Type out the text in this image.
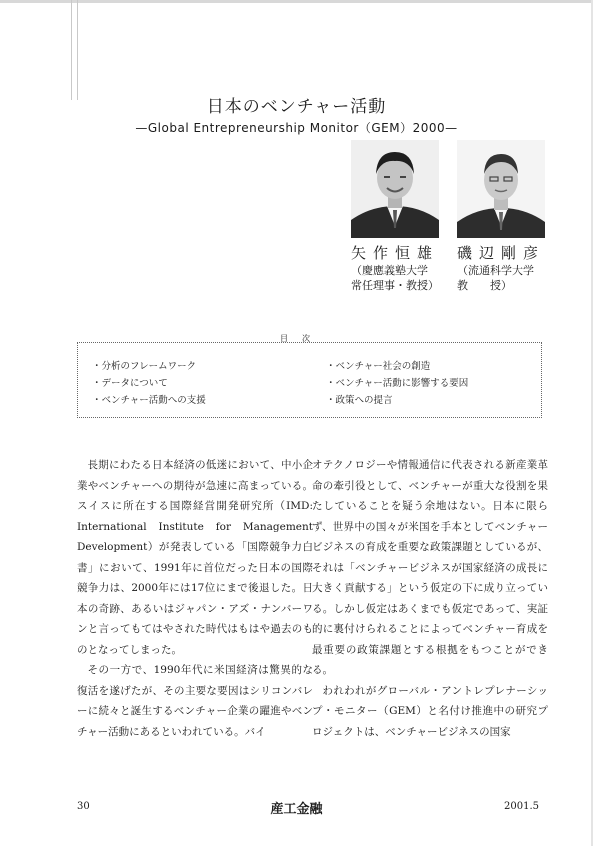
日本のベンチャー活動
—Global Entrepreneurship Monitor（GEM）2000—
矢作恒雄
（慶應義塾大学
常任理事・教授）
磯辺剛彦
（流通科学大学
教　　授）
目　次
・分析のフレームワーク
・データについて
・ベンチャー活動への支援
・ベンチャー社会の創造
・ベンチャー活動に影響する要因
・政策への提言

長期にわたる日本経済の低迷において、中小企業やベンチャーへの期待が急速に高まっている。スイスに所在する国際経営開発研究所（IMD: International Institute for Management Development）が発表している「国際競争力白書」において、1991年に首位だった日本の国際競争力は、2000年には17位にまで後退した。日本の奇跡、あるいはジャパン・アズ・ナンバーワンと言ってもてはやされた時代はもはや過去のものとなってしまった。

その一方で、1990年代に米国経済は驚異的な復活を遂げたが、その主要な要因はシリコンバレーに続々と誕生するベンチャー企業の躍進やベンチャー活動にあるといわれている。バイ

オテクノロジーや情報通信に代表される新産業革命の牽引役として、ベンチャーが重大な役割を果たしていることを疑う余地はない。日本に限らず、世界中の国々が米国を手本としてベンチャービジネスの育成を重要な政策課題としているが、それは「ベンチャービジネスが国家経済の成長に大きく貢献する」という仮定の下に成り立っている。しかし仮定はあくまでも仮定であって、実証的に裏付けられることによってベンチャー育成を最重要の政策課題とする根拠をもつことができる。

われわれがグローバル・アントレプレナーシップ・モニター（GEM）と名付け推進中の研究プロジェクトは、ベンチャービジネスの国家

30	産工金融	2001.5
